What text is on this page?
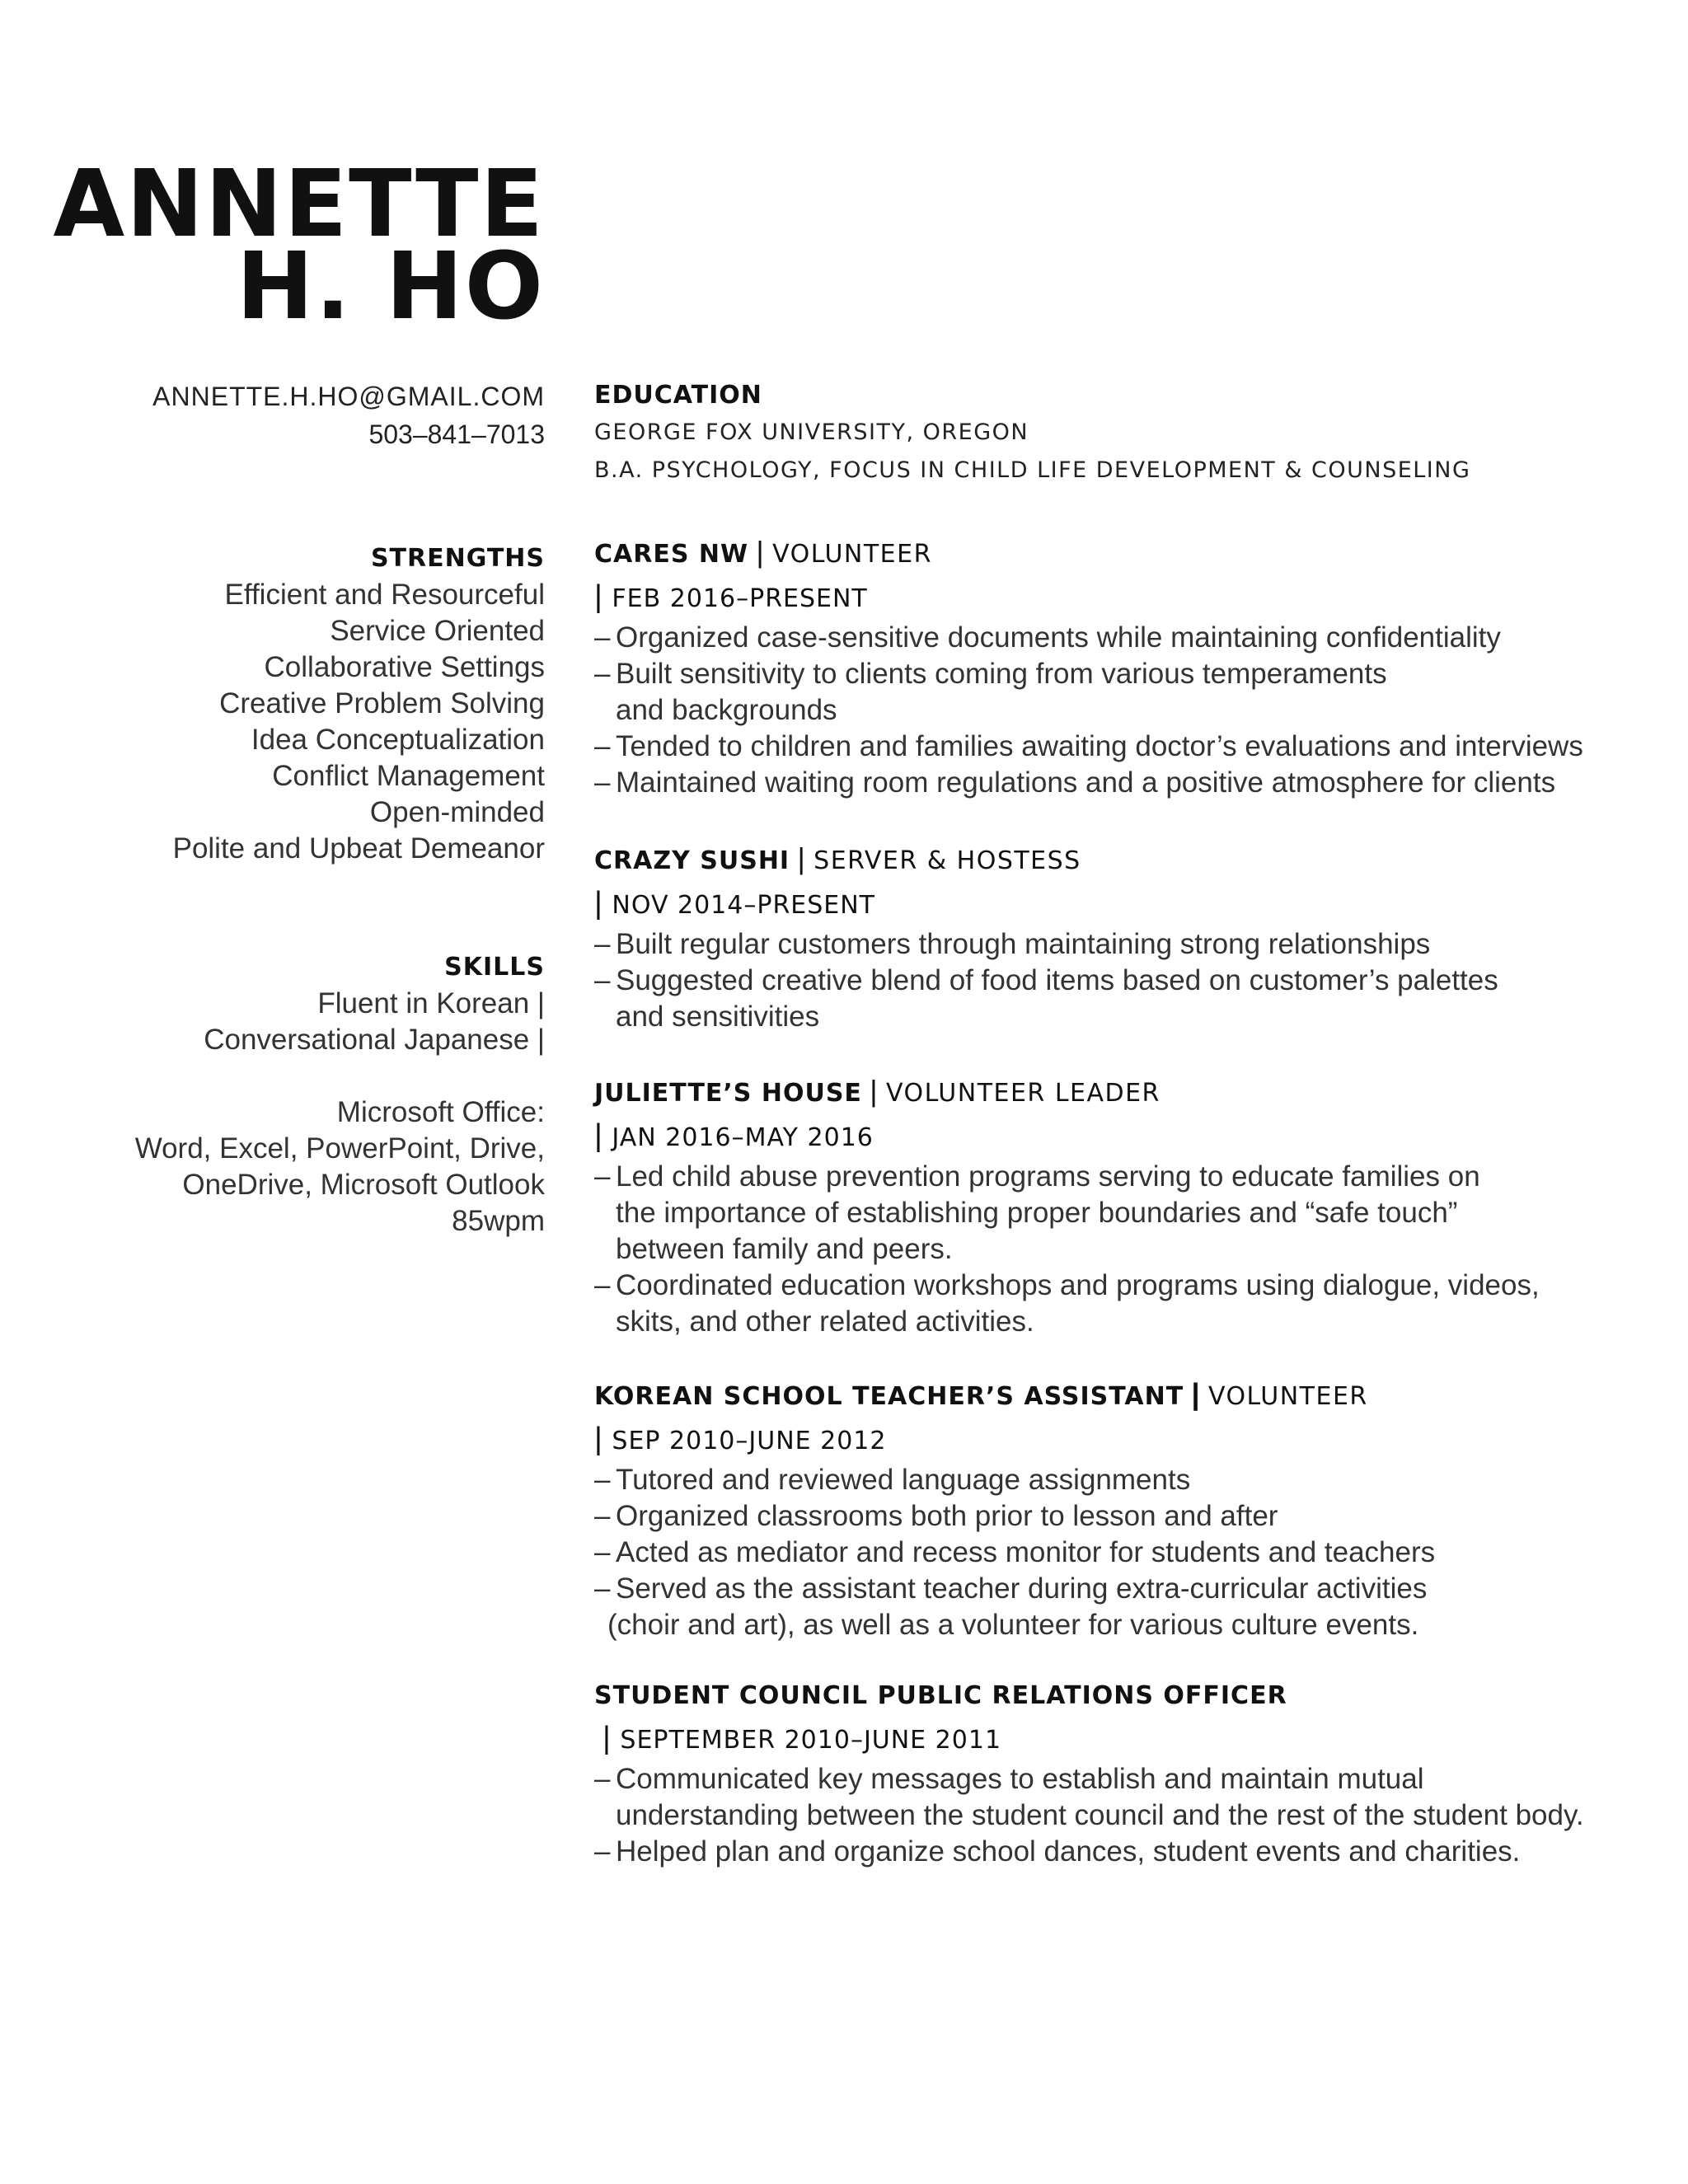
ANNETTE
H. HO
ANNETTE.H.HO@GMAIL.COM
503–841–7013
STRENGTHS
Efficient and Resourceful
Service Oriented
Collaborative Settings
Creative Problem Solving
Idea Conceptualization
Conflict Management
Open-minded
Polite and Upbeat Demeanor
SKILLS
Fluent in Korean |
Conversational Japanese |
Microsoft Office:
Word, Excel, PowerPoint, Drive,
OneDrive, Microsoft Outlook
85wpm
EDUCATION
GEORGE FOX UNIVERSITY, OREGON
B.A. PSYCHOLOGY, FOCUS IN CHILD LIFE DEVELOPMENT & COUNSELING
CARES NW | VOLUNTEER
| FEB 2016–PRESENT
– Organized case-sensitive documents while maintaining confidentiality
– Built sensitivity to clients coming from various temperaments and backgrounds
– Tended to children and families awaiting doctor’s evaluations and interviews
– Maintained waiting room regulations and a positive atmosphere for clients
CRAZY SUSHI | SERVER & HOSTESS
| NOV 2014–PRESENT
– Built regular customers through maintaining strong relationships
– Suggested creative blend of food items based on customer’s palettes and sensitivities
JULIETTE’S HOUSE | VOLUNTEER LEADER
| JAN 2016–MAY 2016
– Led child abuse prevention programs serving to educate families on the importance of establishing proper boundaries and “safe touch” between family and peers.
– Coordinated education workshops and programs using dialogue, videos, skits, and other related activities.
KOREAN SCHOOL TEACHER’S ASSISTANT | VOLUNTEER
| SEP 2010–JUNE 2012
– Tutored and reviewed language assignments
– Organized classrooms both prior to lesson and after
– Acted as mediator and recess monitor for students and teachers
– Served as the assistant teacher during extra-curricular activities
(choir and art), as well as a volunteer for various culture events.
STUDENT COUNCIL PUBLIC RELATIONS OFFICER
| SEPTEMBER 2010–JUNE 2011
– Communicated key messages to establish and maintain mutual understanding between the student council and the rest of the student body.
– Helped plan and organize school dances, student events and charities.
